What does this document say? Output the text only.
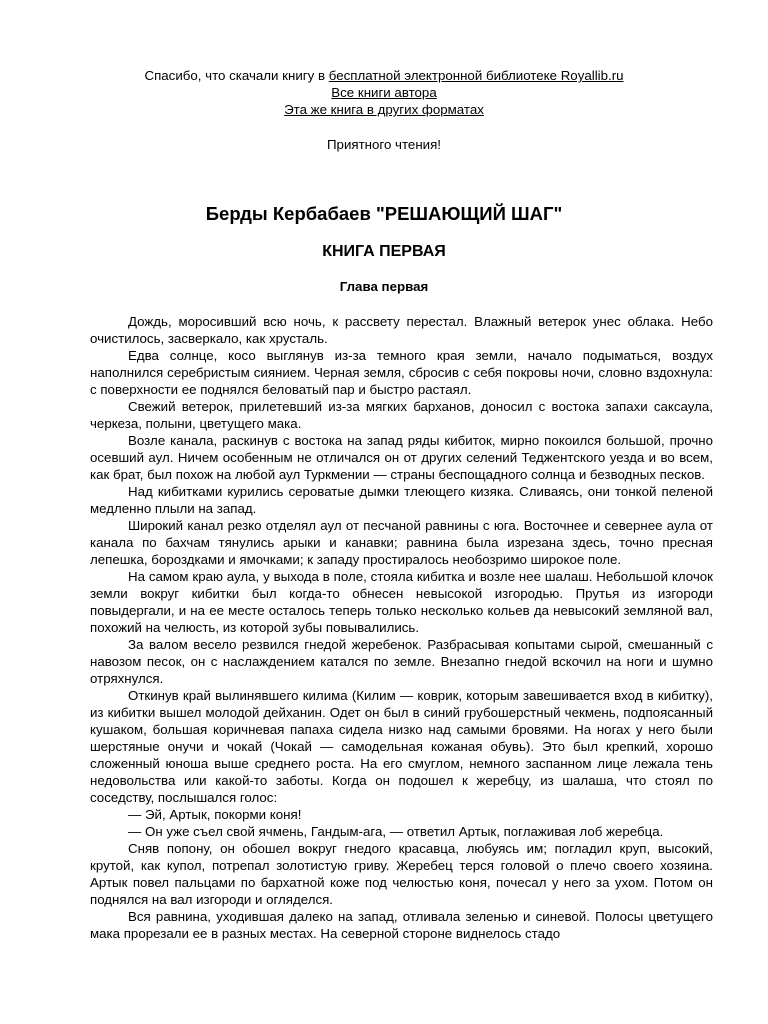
Спасибо, что скачали книгу в бесплатной электронной библиотеке Royallib.ru
Все книги автора
Эта же книга в других форматах
Приятного чтения!
Берды Кербабаев "РЕШАЮЩИЙ ШАГ"
КНИГА ПЕРВАЯ
Глава первая

Дождь, моросивший всю ночь, к рассвету перестал. Влажный ветерок унес облака. Небо очистилось, засверкало, как хрусталь.

Едва солнце, косо выглянув из-за темного края земли, начало подыматься, воздух наполнился серебристым сиянием. Черная земля, сбросив с себя покровы ночи, словно вздохнула: с поверхности ее поднялся беловатый пар и быстро растаял.

Свежий ветерок, прилетевший из-за мягких барханов, доносил с востока запахи саксаула, черкеза, полыни, цветущего мака.

Возле канала, раскинув с востока на запад ряды кибиток, мирно покоился большой, прочно осевший аул. Ничем особенным не отличался он от других селений Теджентского уезда и во всем, как брат, был похож на любой аул Туркмении — страны беспощадного солнца и безводных песков.

Над кибитками курились сероватые дымки тлеющего кизяка. Сливаясь, они тонкой пеленой медленно плыли на запад.

Широкий канал резко отделял аул от песчаной равнины с юга. Восточнее и севернее аула от канала по бахчам тянулись арыки и канавки; равнина была изрезана здесь, точно пресная лепешка, бороздками и ямочками; к западу простиралось необозримо широкое поле.

На самом краю аула, у выхода в поле, стояла кибитка и возле нее шалаш. Небольшой клочок земли вокруг кибитки был когда-то обнесен невысокой изгородью. Прутья из изгороди повыдергали, и на ее месте осталось теперь только несколько кольев да невысокий земляной вал, похожий на челюсть, из которой зубы повывалились.

За валом весело резвился гнедой жеребенок. Разбрасывая копытами сырой, смешанный с навозом песок, он с наслаждением катался по земле. Внезапно гнедой вскочил на ноги и шумно отряхнулся.

Откинув край вылинявшего килима (Килим — коврик, которым завешивается вход в кибитку), из кибитки вышел молодой дейханин. Одет он был в синий грубошерстный чекмень, подпоясанный кушаком, большая коричневая папаха сидела низко над самыми бровями. На ногах у него были шерстяные онучи и чокай (Чокай — самодельная кожаная обувь). Это был крепкий, хорошо сложенный юноша выше среднего роста. На его смуглом, немного заспанном лице лежала тень недовольства или какой-то заботы. Когда он подошел к жеребцу, из шалаша, что стоял по соседству, послышался голос:

— Эй, Артык, покорми коня!

— Он уже съел свой ячмень, Гандым-ага, — ответил Артык, поглаживая лоб жеребца.

Сняв попону, он обошел вокруг гнедого красавца, любуясь им; погладил круп, высокий, крутой, как купол, потрепал золотистую гриву. Жеребец терся головой о плечо своего хозяина. Артык повел пальцами по бархатной коже под челюстью коня, почесал у него за ухом. Потом он поднялся на вал изгороди и огляделся.

Вся равнина, уходившая далеко на запад, отливала зеленью и синевой. Полосы цветущего мака прорезали ее в разных местах. На северной стороне виднелось стадо
